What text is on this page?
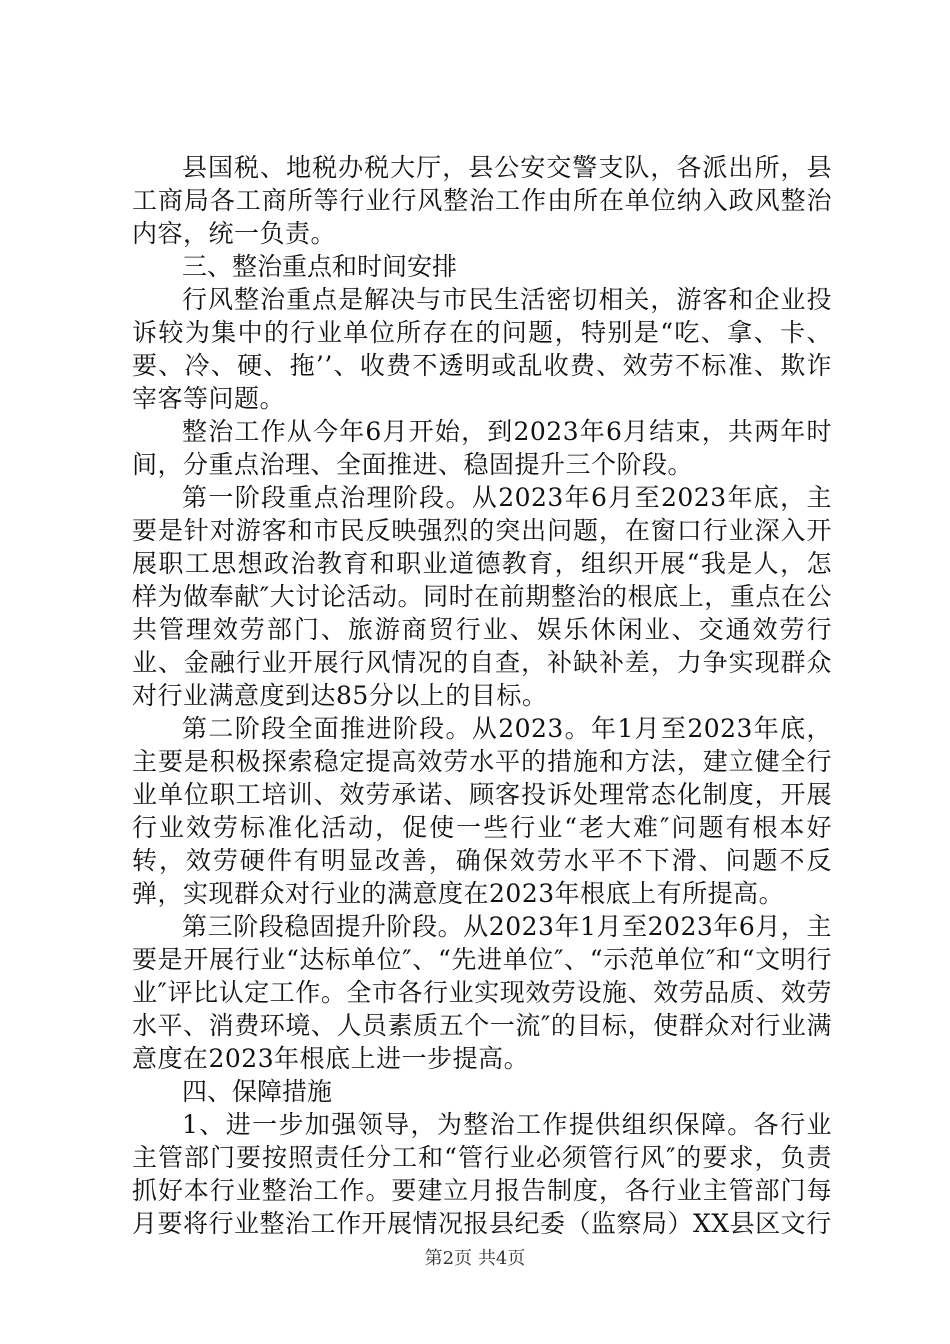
县国税、地税办税大厅，县公安交警支队，各派出所，县工商局各工商所等行业行风整治工作由所在单位纳入政风整治内容，统一负责。

三、整治重点和时间安排

行风整治重点是解决与市民生活密切相关，游客和企业投诉较为集中的行业单位所存在的问题，特别是“吃、拿、卡、要、冷、硬、拖’’、收费不透明或乱收费、效劳不标准、欺诈宰客等问题。

整治工作从今年6月开始，到2023年6月结束，共两年时间，分重点治理、全面推进、稳固提升三个阶段。

第一阶段重点治理阶段。从2023年6月至2023年底，主要是针对游客和市民反映强烈的突出问题，在窗口行业深入开展职工思想政治教育和职业道德教育，组织开展“我是人，怎样为做奉献″大讨论活动。同时在前期整治的根底上，重点在公共管理效劳部门、旅游商贸行业、娱乐休闲业、交通效劳行业、金融行业开展行风情况的自查，补缺补差，力争实现群众对行业满意度到达85分以上的目标。

第二阶段全面推进阶段。从2023。年1月至2023年底，主要是积极探索稳定提高效劳水平的措施和方法，建立健全行业单位职工培训、效劳承诺、顾客投诉处理常态化制度，开展行业效劳标准化活动，促使一些行业“老大难″问题有根本好转，效劳硬件有明显改善，确保效劳水平不下滑、问题不反弹，实现群众对行业的满意度在2023年根底上有所提高。

第三阶段稳固提升阶段。从2023年1月至2023年6月，主要是开展行业“达标单位″、“先进单位″、“示范单位″和“文明行业″评比认定工作。全市各行业实现效劳设施、效劳品质、效劳水平、消费环境、人员素质五个一流″的目标，使群众对行业满意度在2023年根底上进一步提高。

四、保障措施

1、进一步加强领导，为整治工作提供组织保障。各行业主管部门要按照责任分工和“管行业必须管行风″的要求，负责抓好本行业整治工作。要建立月报告制度，各行业主管部门每月要将行业整治工作开展情况报县纪委（监察局）XX县区文行

第2页 共4页
